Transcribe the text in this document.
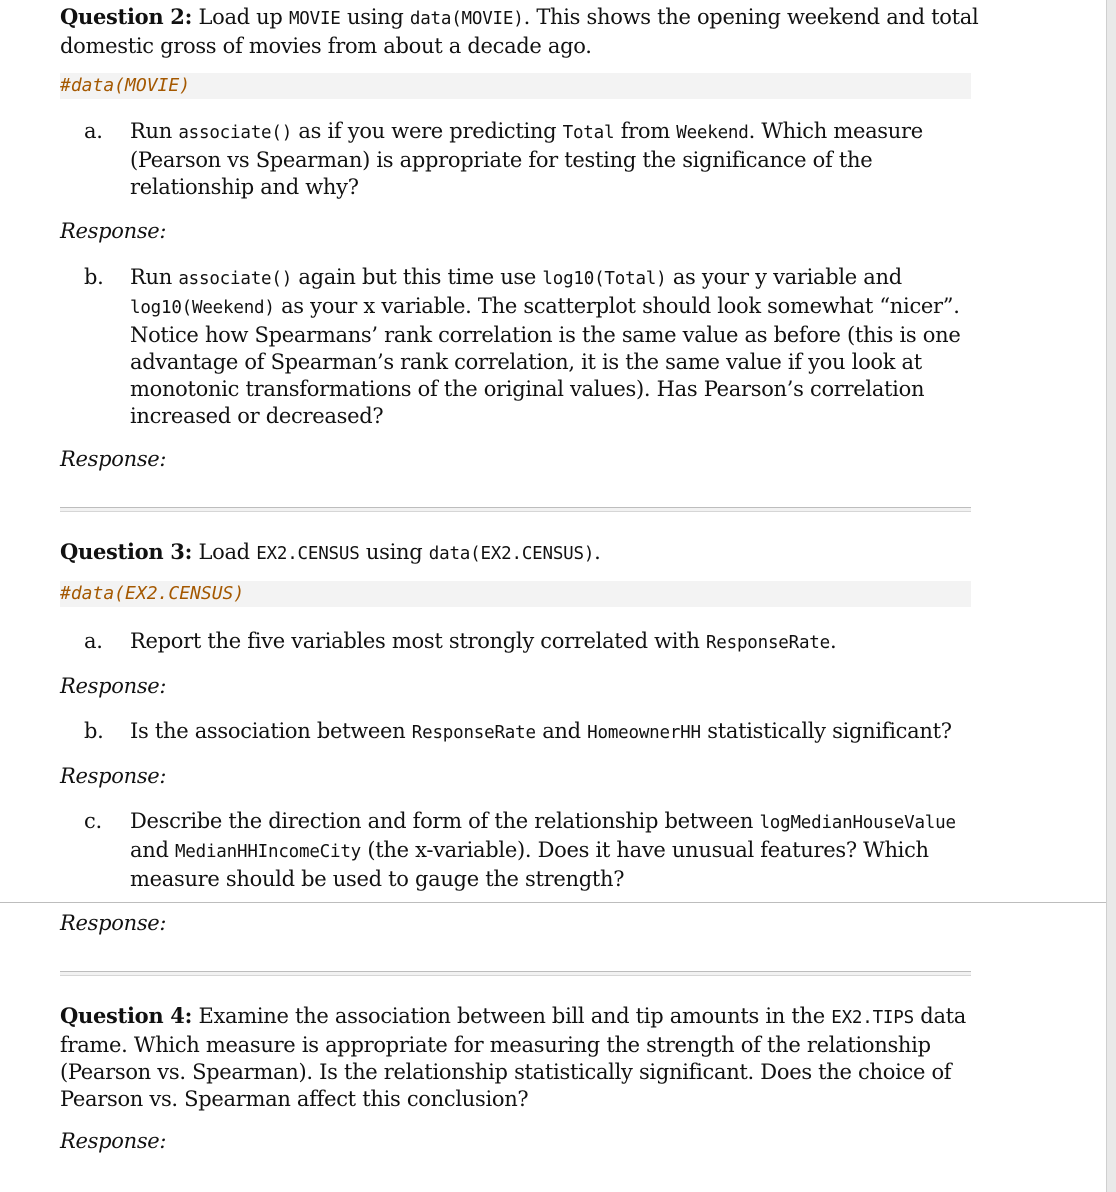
Question 2: Load up MOVIE using data(MOVIE). This shows the opening weekend and total domestic gross of movies from about a decade ago.
#data(MOVIE)
a.	Run associate() as if you were predicting Total from Weekend. Which measure (Pearson vs Spearman) is appropriate for testing the significance of the relationship and why?
Response:
b.	Run associate() again but this time use log10(Total) as your y variable and log10(Weekend) as your x variable. The scatterplot should look somewhat “nicer”. Notice how Spearmans’ rank correlation is the same value as before (this is one advantage of Spearman’s rank correlation, it is the same value if you look at monotonic transformations of the original values). Has Pearson’s correlation increased or decreased?
Response:
Question 3: Load EX2.CENSUS using data(EX2.CENSUS).
#data(EX2.CENSUS)
a.	Report the five variables most strongly correlated with ResponseRate.
Response:
b.	Is the association between ResponseRate and HomeownerHH statistically significant?
Response:
c.	Describe the direction and form of the relationship between logMedianHouseValue and MedianHHIncomeCity (the x-variable). Does it have unusual features? Which measure should be used to gauge the strength?
Response:
Question 4: Examine the association between bill and tip amounts in the EX2.TIPS data frame. Which measure is appropriate for measuring the strength of the relationship (Pearson vs. Spearman). Is the relationship statistically significant. Does the choice of Pearson vs. Spearman affect this conclusion?
Response:
